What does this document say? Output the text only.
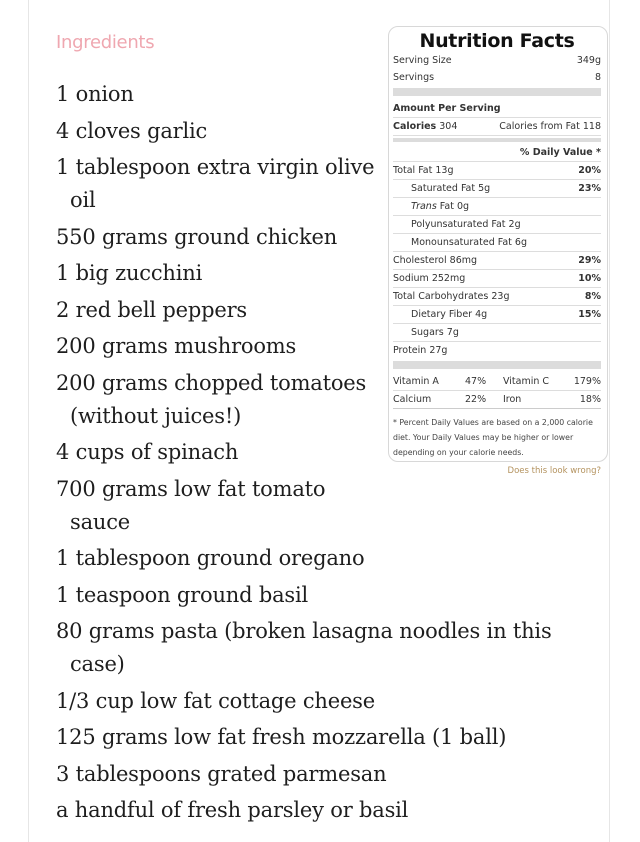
Ingredients
1 onion
4 cloves garlic
1 tablespoon extra virgin olive oil
550 grams ground chicken
1 big zucchini
2 red bell peppers
200 grams mushrooms
200 grams chopped tomatoes (without juices!)
4 cups of spinach
700 grams low fat tomato sauce
1 tablespoon ground oregano
1 teaspoon ground basil
80 grams pasta (broken lasagna noodles in this case)
1/3 cup low fat cottage cheese
125 grams low fat fresh mozzarella (1 ball)
3 tablespoons grated parmesan
a handful of fresh parsley or basil
Nutrition Facts
Serving Size	349g
Servings	8
Amount Per Serving
Calories 304	Calories from Fat 118
% Daily Value *
Total Fat 13g	20%
Saturated Fat 5g	23%
Trans Fat 0g
Polyunsaturated Fat 2g
Monounsaturated Fat 6g
Cholesterol 86mg	29%
Sodium 252mg	10%
Total Carbohydrates 23g	8%
Dietary Fiber 4g	15%
Sugars 7g
Protein 27g
Vitamin A	47%	Vitamin C	179%
Calcium	22%	Iron	18%
* Percent Daily Values are based on a 2,000 calorie diet. Your Daily Values may be higher or lower depending on your calorie needs.
Does this look wrong?
